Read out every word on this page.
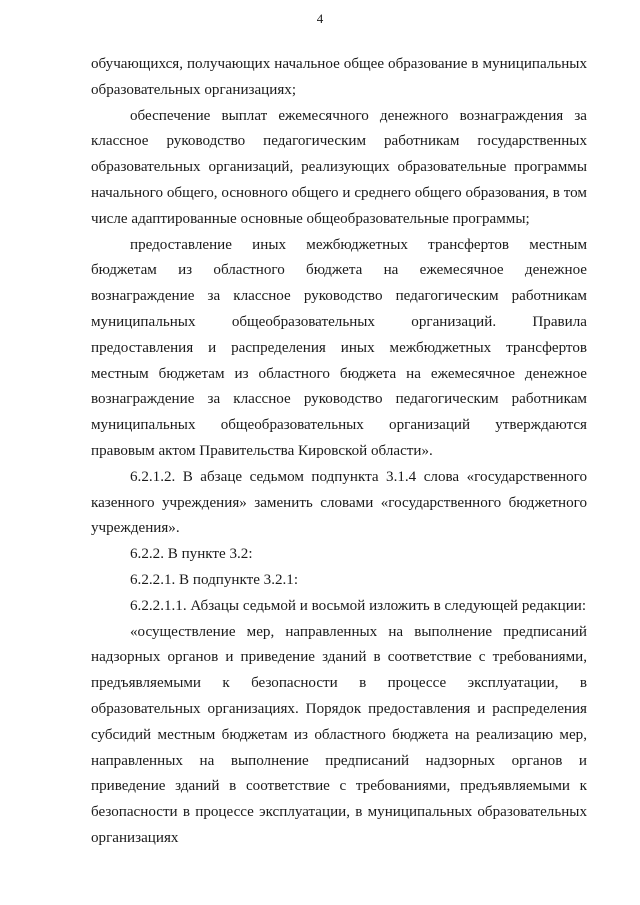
4

обучающихся, получающих начальное общее образование в муниципальных образовательных организациях;

обеспечение выплат ежемесячного денежного вознаграждения за классное руководство педагогическим работникам государственных образовательных организаций, реализующих образовательные программы начального общего, основного общего и среднего общего образования, в том числе адаптированные основные общеобразовательные программы;

предоставление иных межбюджетных трансфертов местным бюджетам из областного бюджета на ежемесячное денежное вознаграждение за классное руководство педагогическим работникам муниципальных общеобразовательных организаций. Правила предоставления и распределения иных межбюджетных трансфертов местным бюджетам из областного бюджета на ежемесячное денежное вознаграждение за классное руководство педагогическим работникам муниципальных общеобразовательных организаций утверждаются правовым актом Правительства Кировской области».

6.2.1.2. В абзаце седьмом подпункта 3.1.4 слова «государственного казенного учреждения» заменить словами «государственного бюджетного учреждения».

6.2.2. В пункте 3.2:

6.2.2.1. В подпункте 3.2.1:

6.2.2.1.1. Абзацы седьмой и восьмой изложить в следующей редакции:

«осуществление мер, направленных на выполнение предписаний надзорных органов и приведение зданий в соответствие с требованиями, предъявляемыми к безопасности в процессе эксплуатации, в образовательных организациях. Порядок предоставления и распределения субсидий местным бюджетам из областного бюджета на реализацию мер, направленных на выполнение предписаний надзорных органов и приведение зданий в соответствие с требованиями, предъявляемыми к безопасности в процессе эксплуатации, в муниципальных образовательных организациях
